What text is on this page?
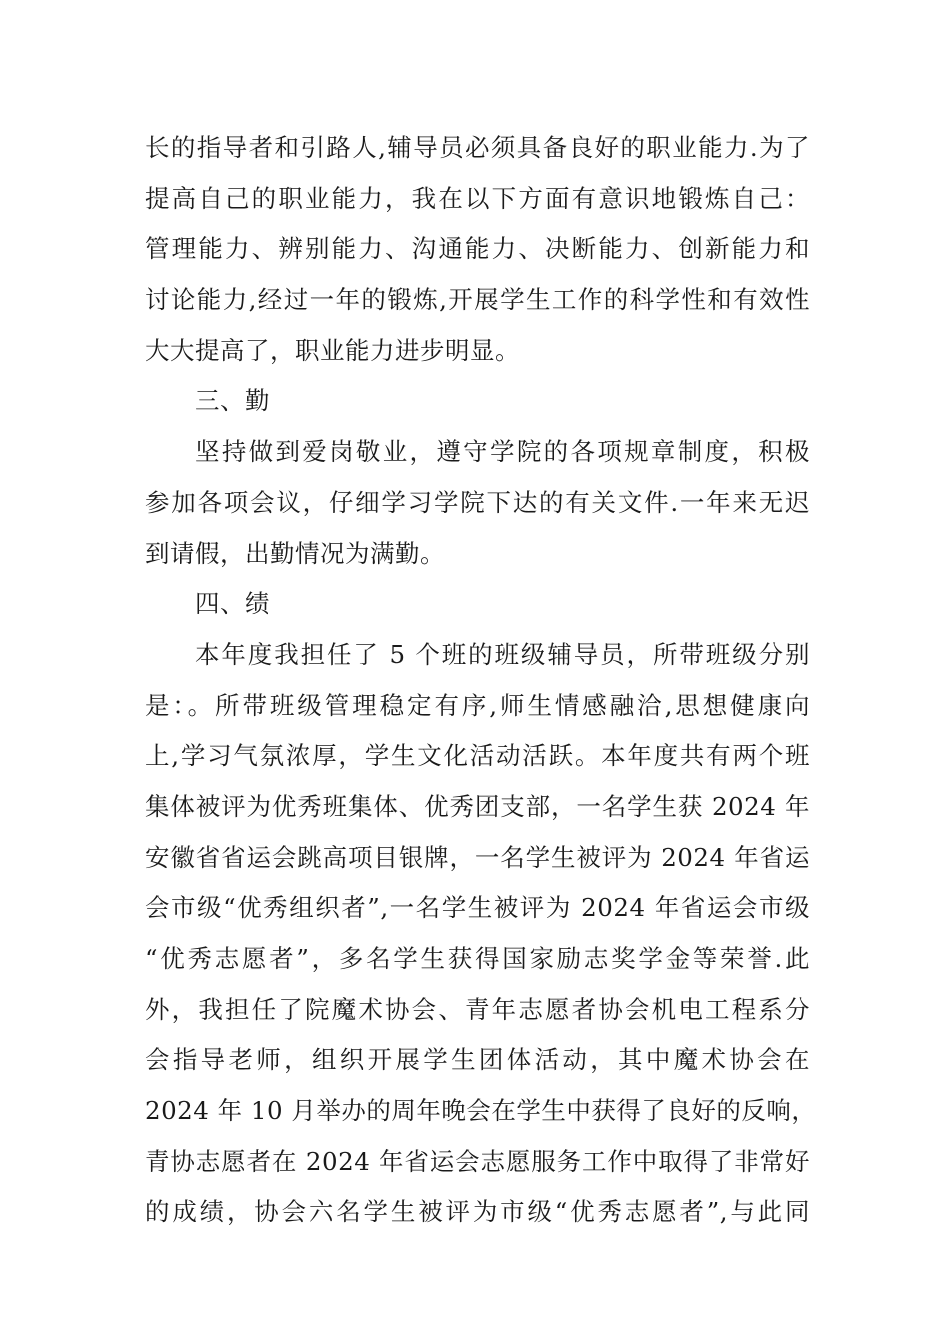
长的指导者和引路人,辅导员必须具备良好的职业能力.为了
提高自己的职业能力，我在以下方面有意识地锻炼自己：
管理能力、辨别能力、沟通能力、决断能力、创新能力和
讨论能力,经过一年的锻炼,开展学生工作的科学性和有效性
大大提高了，职业能力进步明显。
三、勤
坚持做到爱岗敬业，遵守学院的各项规章制度，积极
参加各项会议，仔细学习学院下达的有关文件.一年来无迟
到请假，出勤情况为满勤。
四、绩
本年度我担任了 5 个班的班级辅导员，所带班级分别
是：。所带班级管理稳定有序,师生情感融洽,思想健康向
上,学习气氛浓厚，学生文化活动活跃。本年度共有两个班
集体被评为优秀班集体、优秀团支部，一名学生获 2024 年
安徽省省运会跳高项目银牌，一名学生被评为 2024 年省运
会市级“优秀组织者”,一名学生被评为 2024 年省运会市级
“优秀志愿者”，多名学生获得国家励志奖学金等荣誉.此
外，我担任了院魔术协会、青年志愿者协会机电工程系分
会指导老师，组织开展学生团体活动，其中魔术协会在
2024 年 10 月举办的周年晚会在学生中获得了良好的反响，
青协志愿者在 2024 年省运会志愿服务工作中取得了非常好
的成绩，协会六名学生被评为市级“优秀志愿者”,与此同
